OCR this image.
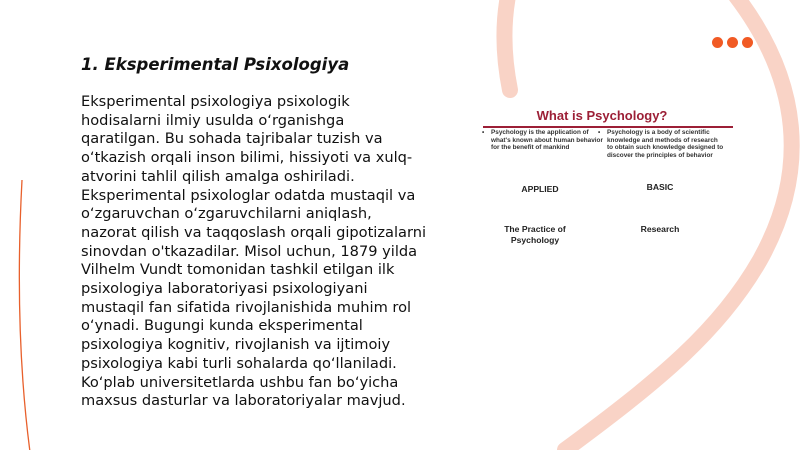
1. Eksperimental Psixologiya

Eksperimental psixologiya psixologik hodisalarni ilmiy usulda o‘rganishga qaratilgan. Bu sohada tajribalar tuzish va o‘tkazish orqali inson bilimi, hissiyoti va xulq-atvorini tahlil qilish amalga oshiriladi. Eksperimental psixologlar odatda mustaqil va o‘zgaruvchan o‘zgaruvchilarni aniqlash, nazorat qilish va taqqoslash orqali gipotizalarni sinovdan o'tkazadilar. Misol uchun, 1879 yilda Vilhelm Vundt tomonidan tashkil etilgan ilk psixologiya laboratoriyasi psixologiyani mustaqil fan sifatida rivojlanishida muhim rol o‘ynadi. Bugungi kunda eksperimental psixologiya kognitiv, rivojlanish va ijtimoiy psixologiya kabi turli sohalarda qo‘llaniladi. Ko‘plab universitetlarda ushbu fan bo‘yicha maxsus dasturlar va laboratoriyalar mavjud.

What is Psychology?
• Psychology is the application of what's known about human behavior for the benefit of mankind
• Psychology is a body of scientific knowledge and methods of research to obtain such knowledge designed to discover the principles of behavior
APPLIED	BASIC
The Practice of Psychology
Research
